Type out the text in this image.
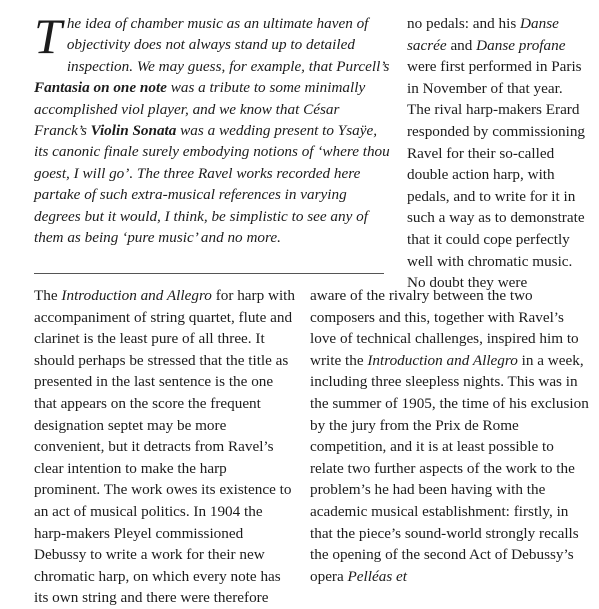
T he idea of chamber music as an ultimate haven of objectivity does not always stand up to detailed inspection. We may guess, for example, that Purcell’s Fantasia on one note was a tribute to some minimally accomplished viol player, and we know that César Franck’s Violin Sonata was a wedding present to Ysaÿe, its canonic finale surely embodying notions of ‘where thou goest, I will go’. The three Ravel works recorded here partake of such extra-musical references in varying degrees but it would, I think, be simplistic to see any of them as being ‘pure music’ and no more.

no pedals: and his Danse sacrée and Danse profane were first performed in Paris in November of that year. The rival harp-makers Erard responded by commissioning Ravel for their so-called double action harp, with pedals, and to write for it in such a way as to demonstrate that it could cope perfectly well with chromatic music. No doubt they were

The Introduction and Allegro for harp with accompaniment of string quartet, flute and clarinet is the least pure of all three. It should perhaps be stressed that the title as presented in the last sentence is the one that appears on the score the frequent designation septet may be more convenient, but it detracts from Ravel’s clear intention to make the harp prominent. The work owes its existence to an act of musical politics. In 1904 the harp-makers Pleyel commissioned Debussy to write a work for their new chromatic harp, on which every note has its own string and there were therefore

aware of the rivalry between the two composers and this, together with Ravel’s love of technical challenges, inspired him to write the Introduction and Allegro in a week, including three sleepless nights. This was in the summer of 1905, the time of his exclusion by the jury from the Prix de Rome competition, and it is at least possible to relate two further aspects of the work to the problem’s he had been having with the academic musical establishment: firstly, in that the piece’s sound-world strongly recalls the opening of the second Act of Debussy’s opera Pelléas et
